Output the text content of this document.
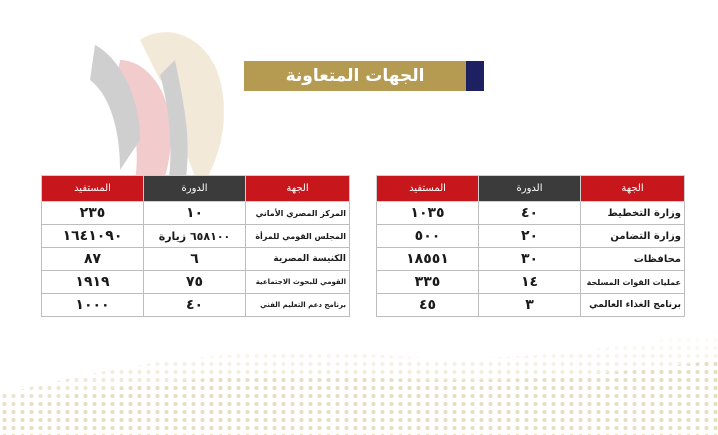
الجهات المتعاونة
الجهة	الدورة	المستفيد
المركز المصري الأماني	١٠	٢٣٥
المجلس القومي للمرأة	٦٥٨١٠٠ زيارة	١٦٤١٠٩٠
الكنيسة المصرية	٦	٨٧
القومي للبحوث الاجتماعية	٧٥	١٩١٩
برنامج دعم التعليم الفني	٤٠	١٠٠٠
الجهة	الدورة	المستفيد
وزارة التخطيط	٤٠	١٠٣٥
وزارة التضامن	٢٠	٥٠٠
محافظات	٣٠	١٨٥٥١
عمليات القوات المسلحة	١٤	٣٣٥
برنامج الغذاء العالمي	٣	٤٥
